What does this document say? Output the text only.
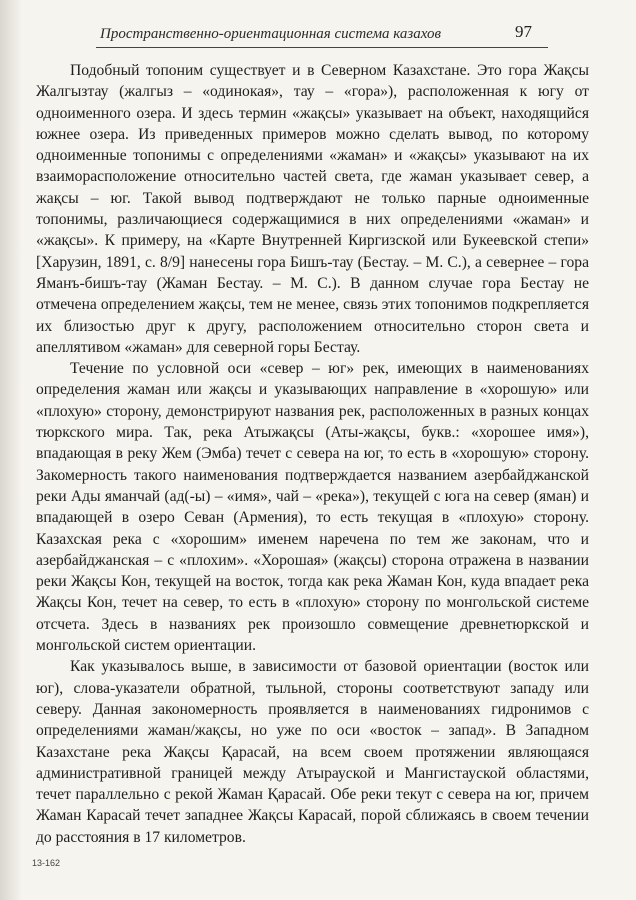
Пространственно-ориентационная система казахов	97

Подобный топоним существует и в Северном Казахстане. Это гора Жақсы Жалгызтау (жалгыз – «одинокая», тау – «гора»), расположенная к югу от одноименного озера. И здесь термин «жақсы» указывает на объект, находящийся южнее озера. Из приведенных примеров можно сделать вывод, по которому одноименные топонимы с определениями «жаман» и «жақсы» указывают на их взаиморасположение относительно частей света, где жаман указывает север, а жақсы – юг. Такой вывод подтверждают не только парные одноименные топонимы, различающиеся содержащимися в них определениями «жаман» и «жақсы». К примеру, на «Карте Внутренней Киргизской или Букеевской степи» [Харузин, 1891, с. 8/9] нанесены гора Бишъ-тау (Бестау. – М. С.), а севернее – гора Яманъ-бишъ-тау (Жаман Бестау. – М. С.). В данном случае гора Бестау не отмечена определением жақсы, тем не менее, связь этих топонимов подкрепляется их близостью друг к другу, расположением относительно сторон света и апеллятивом «жаман» для северной горы Бестау.

Течение по условной оси «север – юг» рек, имеющих в наименованиях определения жаман или жақсы и указывающих направление в «хорошую» или «плохую» сторону, демонстрируют названия рек, расположенных в разных концах тюркского мира. Так, река Атыжақсы (Аты-жақсы, букв.: «хорошее имя»), впадающая в реку Жем (Эмба) течет с севера на юг, то есть в «хорошую» сторону. Закомерность такого наименования подтверждается названием азербайджанской реки Ады яманчай (ад(-ы) – «имя», чай – «река»), текущей с юга на север (яман) и впадающей в озеро Севан (Армения), то есть текущая в «плохую» сторону. Казахская река с «хорошим» именем наречена по тем же законам, что и азербайджанская – с «плохим». «Хорошая» (жақсы) сторона отражена в названии реки Жақсы Кон, текущей на восток, тогда как река Жаман Кон, куда впадает река Жақсы Кон, течет на север, то есть в «плохую» сторону по монгольской системе отсчета. Здесь в названиях рек произошло совмещение древнетюркской и монгольской систем ориентации.

Как указывалось выше, в зависимости от базовой ориентации (восток или юг), слова-указатели обратной, тыльной, стороны соответствуют западу или северу. Данная закономерность проявляется в наименованиях гидронимов с определениями жаман/жақсы, но уже по оси «восток – запад». В Западном Казахстане река Жақсы Қарасай, на всем своем протяжении являющаяся административной границей между Атырауской и Мангистауской областями, течет параллельно с рекой Жаман Қарасай. Обе реки текут с севера на юг, причем Жаман Карасай течет западнее Жақсы Карасай, порой сближаясь в своем течении до расстояния в 17 километров.

13-162
